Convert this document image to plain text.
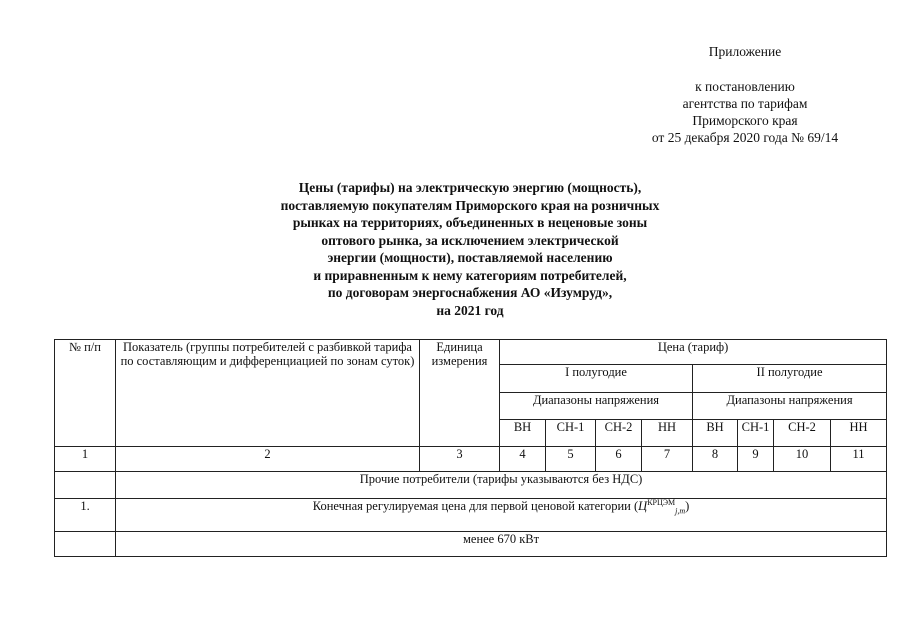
Приложение
к постановлению
агентства по тарифам
Приморского края
от 25 декабря 2020 года № 69/14
Цены (тарифы) на электрическую энергию (мощность),
поставляемую покупателям Приморского края на розничных
рынках на территориях, объединенных в неценовые зоны
оптового рынка, за исключением электрической
энергии (мощности), поставляемой населению
и приравненным к нему категориям потребителей,
по договорам энергоснабжения АО «Изумруд»,
на 2021 год
№ п/п	Показатель (группы потребителей с разбивкой тарифа по составляющим и дифференциацией по зонам суток)	Единица измерения	Цена (тариф)							
			I полугодие				II полугодие			
			Диапазоны напряжения				Диапазоны напряжения			
			ВН	СН-1	СН-2	НН	ВН	СН-1	СН-2	НН
1	2	3	4	5	6	7	8	9	10	11
	Прочие потребители (тарифы указываются без НДС)									
1.	Конечная регулируемая цена для первой ценовой категории $(Ц^{КРЦЭМ}_{j,m})$									
	менее 670 кВт									
